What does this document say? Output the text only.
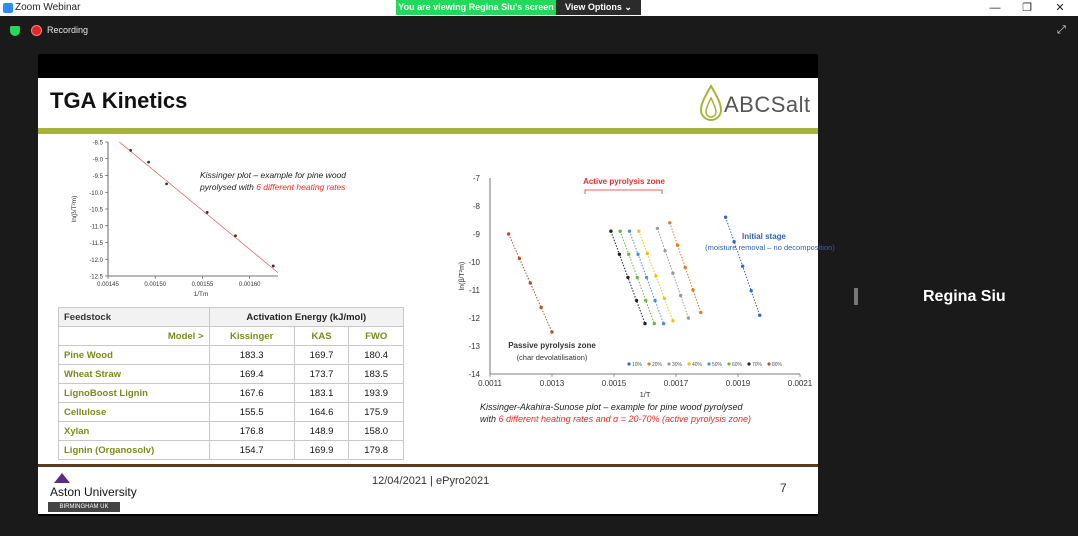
Zoom Webinar	—	❐	✕
You are viewing Regina Siu's screen	View Options ⌄
Recording	⤢
Regina Siu
TGA Kinetics	ABCSalt
-8.5
-9.0
-9.5
-10.0
-10.5
-11.0
-11.5
-12.0
-12.5
0.00145	0.00150	0.00155	0.00160
1/Tm
ln(β/T²m)
Kissinger plot – example for pine wood
pyrolysed with 6 different heating rates
-7
-8
-9
-10
-11
-12
-13
-14
0.0011	0.0013	0.0015	0.0017	0.0019	0.0021
1/T
ln(β/T²m)
10% 20% 30% 40% 50% 60% 70% 80%
Active pyrolysis zone
Initial stage
(moisture removal – no decomposition)
Passive pyrolysis zone
(char devolatilisation)
Kissinger-Akahira-Sunose plot – example for pine wood pyrolysed
with 6 different heating rates and α = 20-70% (active pyrolysis zone)
Feedstock	Activation Energy (kJ/mol)		
Model >	Kissinger	KAS	FWO
Pine Wood	183.3	169.7	180.4
Wheat Straw	169.4	173.7	183.5
LignoBoost Lignin	167.6	183.1	193.9
Cellulose	155.5	164.6	175.9
Xylan	176.8	148.9	158.0
Lignin (Organosolv)	154.7	169.9	179.8
Aston University
BIRMINGHAM UK
12/04/2021 | ePyro2021	7
